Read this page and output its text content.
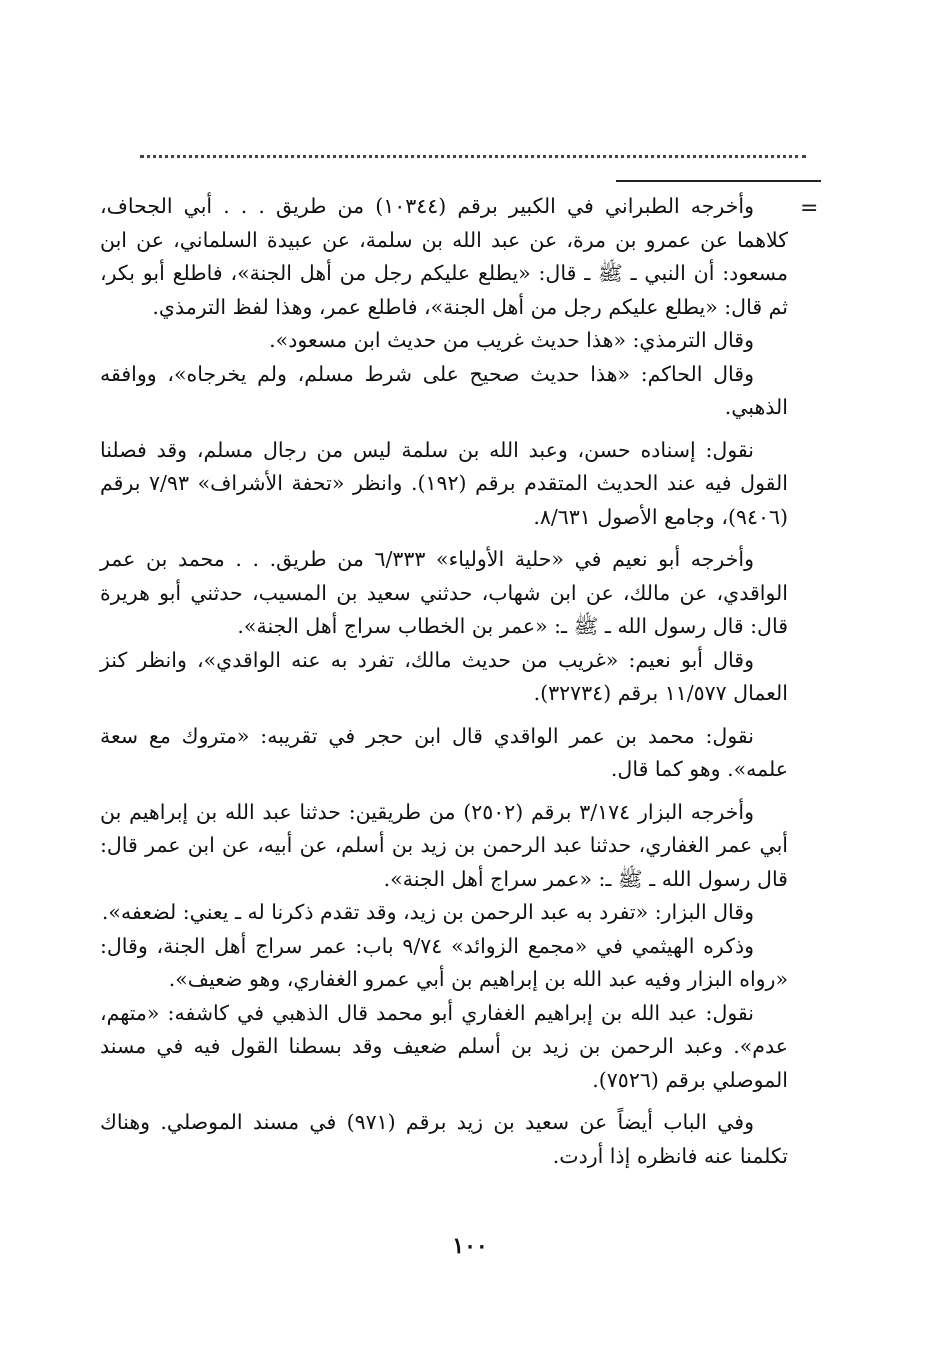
=

وأخرجه الطبراني في الكبير برقم (١٠٣٤٤) من طريق . . . أبي الجحاف، كلاهما عن عمرو بن مرة، عن عبد الله بن سلمة، عن عبيدة السلماني، عن ابن مسعود: أن النبي ـ ﷺ ـ قال: «يطلع عليكم رجل من أهل الجنة»، فاطلع أبو بكر، ثم قال: «يطلع عليكم رجل من أهل الجنة»، فاطلع عمر، وهذا لفظ الترمذي.

وقال الترمذي: «هذا حديث غريب من حديث ابن مسعود».

وقال الحاكم: «هذا حديث صحيح على شرط مسلم، ولم يخرجاه»، ووافقه الذهبي.

نقول: إسناده حسن، وعبد الله بن سلمة ليس من رجال مسلم، وقد فصلنا القول فيه عند الحديث المتقدم برقم (١٩٢). وانظر «تحفة الأشراف» ٧/٩٣ برقم (٩٤٠٦)، وجامع الأصول ٨/٦٣١.

وأخرجه أبو نعيم في «حلية الأولياء» ٦/٣٣٣ من طريق. . . محمد بن عمر الواقدي، عن مالك، عن ابن شهاب، حدثني سعيد بن المسيب، حدثني أبو هريرة قال: قال رسول الله ـ ﷺ ـ: «عمر بن الخطاب سراج أهل الجنة».

وقال أبو نعيم: «غريب من حديث مالك، تفرد به عنه الواقدي»، وانظر كنز العمال ١١/٥٧٧ برقم (٣٢٧٣٤).

نقول: محمد بن عمر الواقدي قال ابن حجر في تقريبه: «متروك مع سعة علمه». وهو كما قال.

وأخرجه البزار ٣/١٧٤ برقم (٢٥٠٢) من طريقين: حدثنا عبد الله بن إبراهيم بن أبي عمر الغفاري، حدثنا عبد الرحمن بن زيد بن أسلم، عن أبيه، عن ابن عمر قال: قال رسول الله ـ ﷺ ـ: «عمر سراج أهل الجنة».

وقال البزار: «تفرد به عبد الرحمن بن زيد، وقد تقدم ذكرنا له ـ يعني: لضعفه».

وذكره الهيثمي في «مجمع الزوائد» ٩/٧٤ باب: عمر سراج أهل الجنة، وقال: «رواه البزار وفيه عبد الله بن إبراهيم بن أبي عمرو الغفاري، وهو ضعيف».

نقول: عبد الله بن إبراهيم الغفاري أبو محمد قال الذهبي في كاشفه: «متهم، عدم». وعبد الرحمن بن زيد بن أسلم ضعيف وقد بسطنا القول فيه في مسند الموصلي برقم (٧٥٢٦).

وفي الباب أيضاً عن سعيد بن زيد برقم (٩٧١) في مسند الموصلي. وهناك تكلمنا عنه فانظره إذا أردت.

١٠٠
